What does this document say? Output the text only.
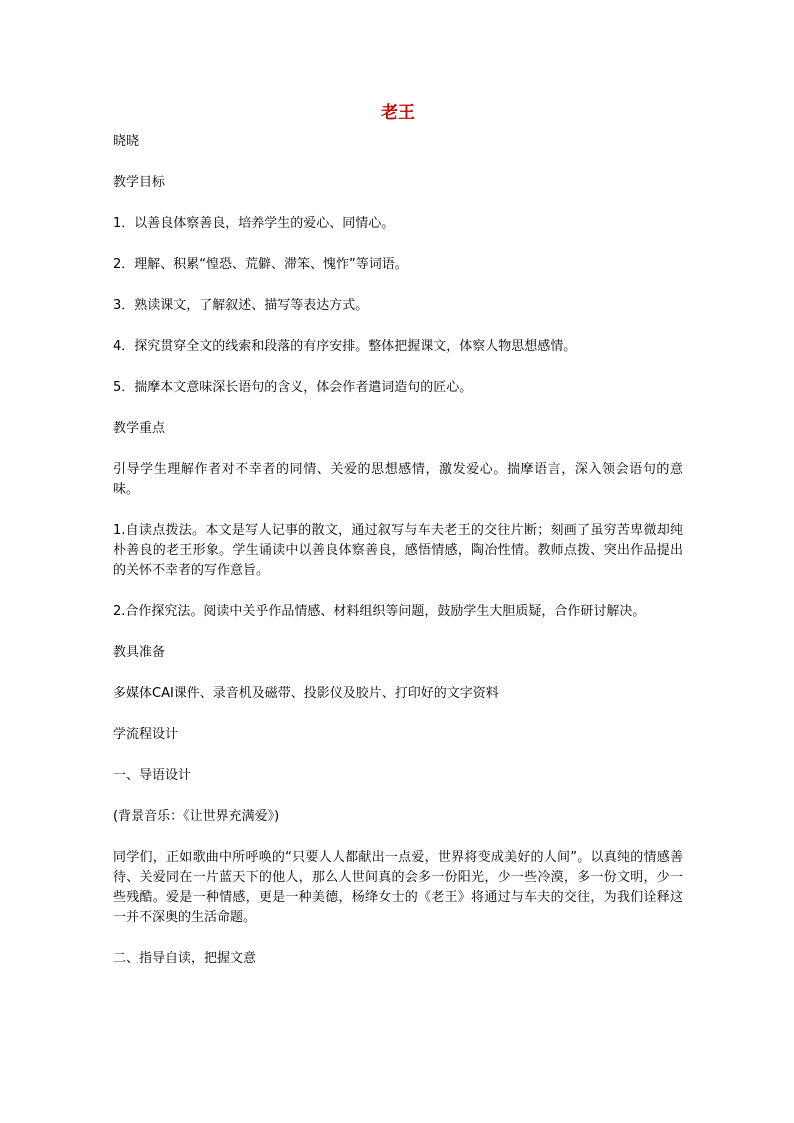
老王
晓晓
教学目标
1．以善良体察善良，培养学生的爱心、同情心。
2．理解、积累“惶恐、荒僻、滞笨、愧怍”等词语。
3．熟读课文，了解叙述、描写等表达方式。
4．探究贯穿全文的线索和段落的有序安排。整体把握课文，体察人物思想感情。
5．揣摩本文意味深长语句的含义，体会作者遣词造句的匠心。
教学重点
引导学生理解作者对不幸者的同情、关爱的思想感情，激发爱心。揣摩语言，深入领会语句的意味。
1.自读点拨法。本文是写人记事的散文，通过叙写与车夫老王的交往片断；刻画了虽穷苦卑微却纯朴善良的老王形象。学生诵读中以善良体察善良，感悟情感，陶冶性情。教师点拨、突出作品提出的关怀不幸者的写作意旨。
2.合作探究法。阅读中关乎作品情感、材料组织等问题，鼓励学生大胆质疑，合作研讨解决。
教具准备
多媒体CAI课件、录音机及磁带、投影仪及胶片、打印好的文字资料
学流程设计
一、导语设计
(背景音乐：《让世界充满爱》)
同学们，正如歌曲中所呼唤的“只要人人都献出一点爱，世界将变成美好的人间”。以真纯的情感善待、关爱同在一片蓝天下的他人，那么人世间真的会多一份阳光，少一些冷漠，多一份文明，少一些残酷。爱是一种情感，更是一种美德，杨绛女士的《老王》将通过与车夫的交往，为我们诠释这一并不深奥的生活命题。
二、指导自读，把握文意
